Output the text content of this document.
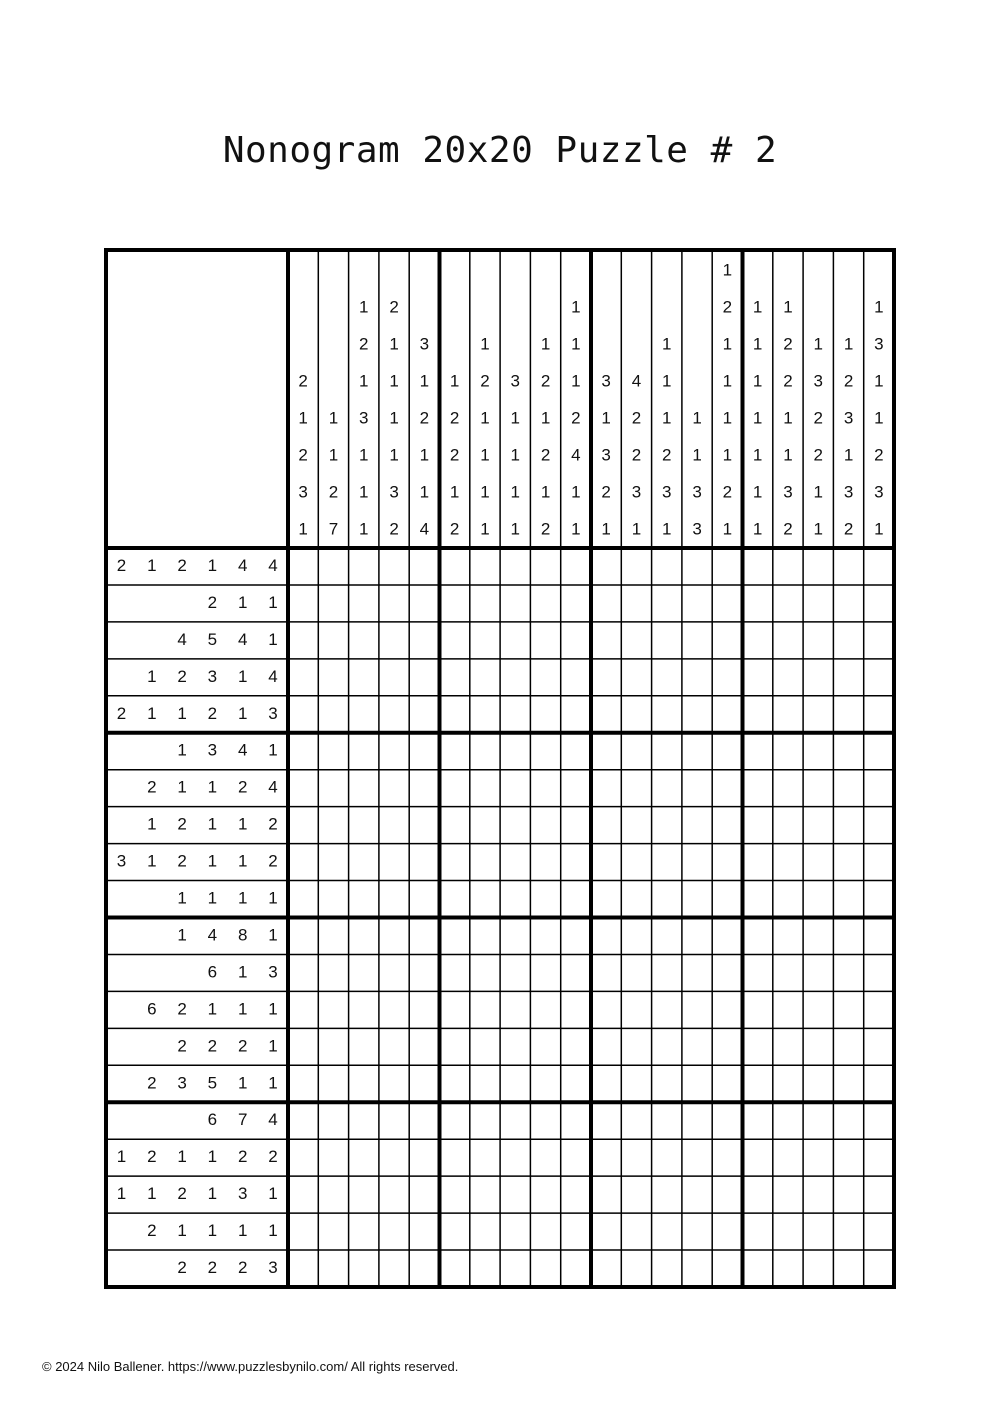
Nonogram 20x20 Puzzle # 2
2
1
2
3
1
1
1
2
7
1
2
1
3
1
1
1
2
1
1
1
1
3
2
3
1
2
1
1
4
1
2
2
1
2
1
2
1
1
1
1
3
1
1
1
1
1
2
1
2
1
2
1
1
1
2
4
1
1
3
1
3
2
1
4
2
2
3
1
1
1
1
2
3
1
1
1
3
3
1
2
1
1
1
1
2
1
1
1
1
1
1
1
1
1
2
2
1
1
3
2
1
3
2
2
1
1
1
2
3
1
3
2
1
3
1
1
2
3
1
2 1 2 1 4 4
2 1 1
4 5 4 1
1 2 3 1 4
2 1 1 2 1 3
1 3 4 1
2 1 1 2 4
1 2 1 1 2
3 1 2 1 1 2
1 1 1 1
1 4 8 1
6 1 3
6 2 1 1 1
2 2 2 1
2 3 5 1 1
6 7 4
1 2 1 1 2 2
1 1 2 1 3 1
2 1 1 1 1
2 2 2 3
© 2024 Nilo Ballener. https://www.puzzlesbynilo.com/ All rights reserved.
